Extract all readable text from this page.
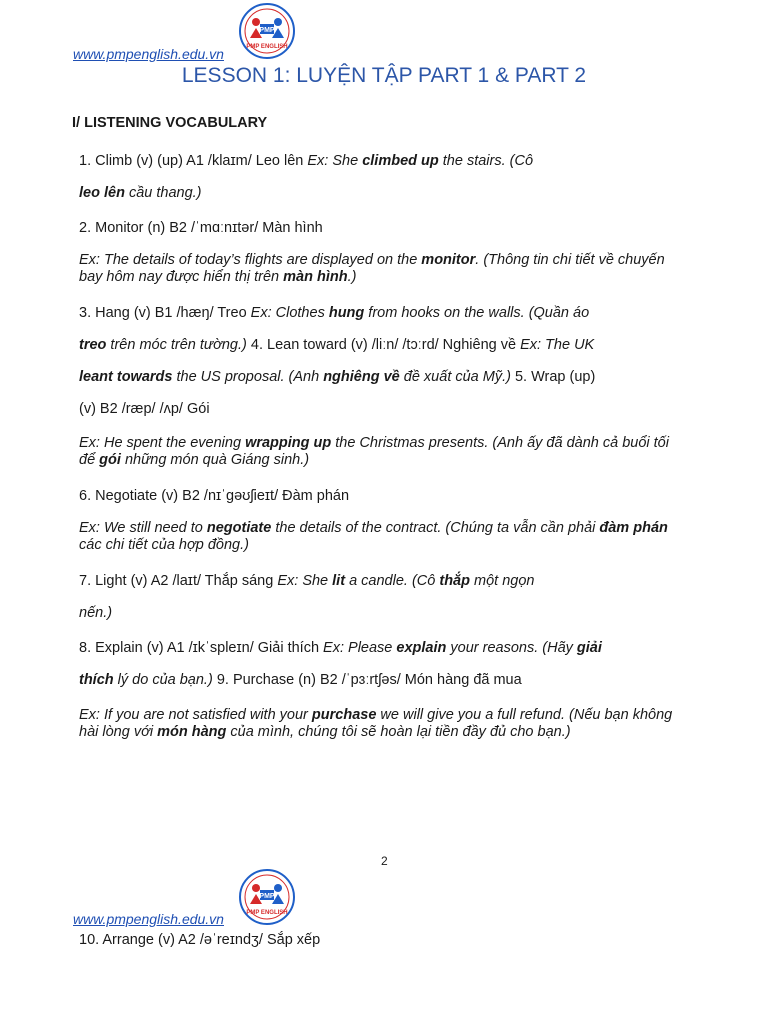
PMP
PMP ENGLISH
www.pmpenglish.edu.vn
LESSON 1: LUYỆN TẬP PART 1 & PART 2
I/ LISTENING VOCABULARY
1. Climb (v) (up) A1 /klaɪm/ Leo lên Ex: She climbed up the stairs. (Cô
leo lên cầu thang.)
2. Monitor (n) B2 /ˈmɑːnɪtər/ Màn hình
Ex: The details of today’s flights are displayed on the monitor. (Thông tin chi tiết về chuyến bay hôm nay được hiển thị trên màn hình.)
3. Hang (v) B1 /hæŋ/ Treo Ex: Clothes hung from hooks on the walls. (Quần áo
treo trên móc trên tường.) 4. Lean toward (v) /liːn/ /tɔːrd/ Nghiêng về Ex: The UK
leant towards the US proposal. (Anh nghiêng về đề xuất của Mỹ.) 5. Wrap (up)
(v) B2 /ræp/ /ʌp/ Gói
Ex: He spent the evening wrapping up the Christmas presents. (Anh ấy đã dành cả buổi tối để gói những món quà Giáng sinh.)
6. Negotiate (v) B2 /nɪˈɡəʊʃieɪt/ Đàm phán
Ex: We still need to negotiate the details of the contract. (Chúng ta vẫn cần phải đàm phán các chi tiết của hợp đồng.)
7. Light (v) A2 /laɪt/ Thắp sáng Ex: She lit a candle. (Cô thắp một ngọn
nến.)
8. Explain (v) A1 /ɪkˈspleɪn/ Giải thích Ex: Please explain your reasons. (Hãy giải
thích lý do của bạn.) 9. Purchase (n) B2 /ˈpɜːrtʃəs/ Món hàng đã mua
Ex: If you are not satisfied with your purchase we will give you a full refund. (Nếu bạn không hài lòng với món hàng của mình, chúng tôi sẽ hoàn lại tiền đầy đủ cho bạn.)
2
PMP
PMP ENGLISH
www.pmpenglish.edu.vn
10. Arrange (v) A2 /əˈreɪndʒ/ Sắp xếp
